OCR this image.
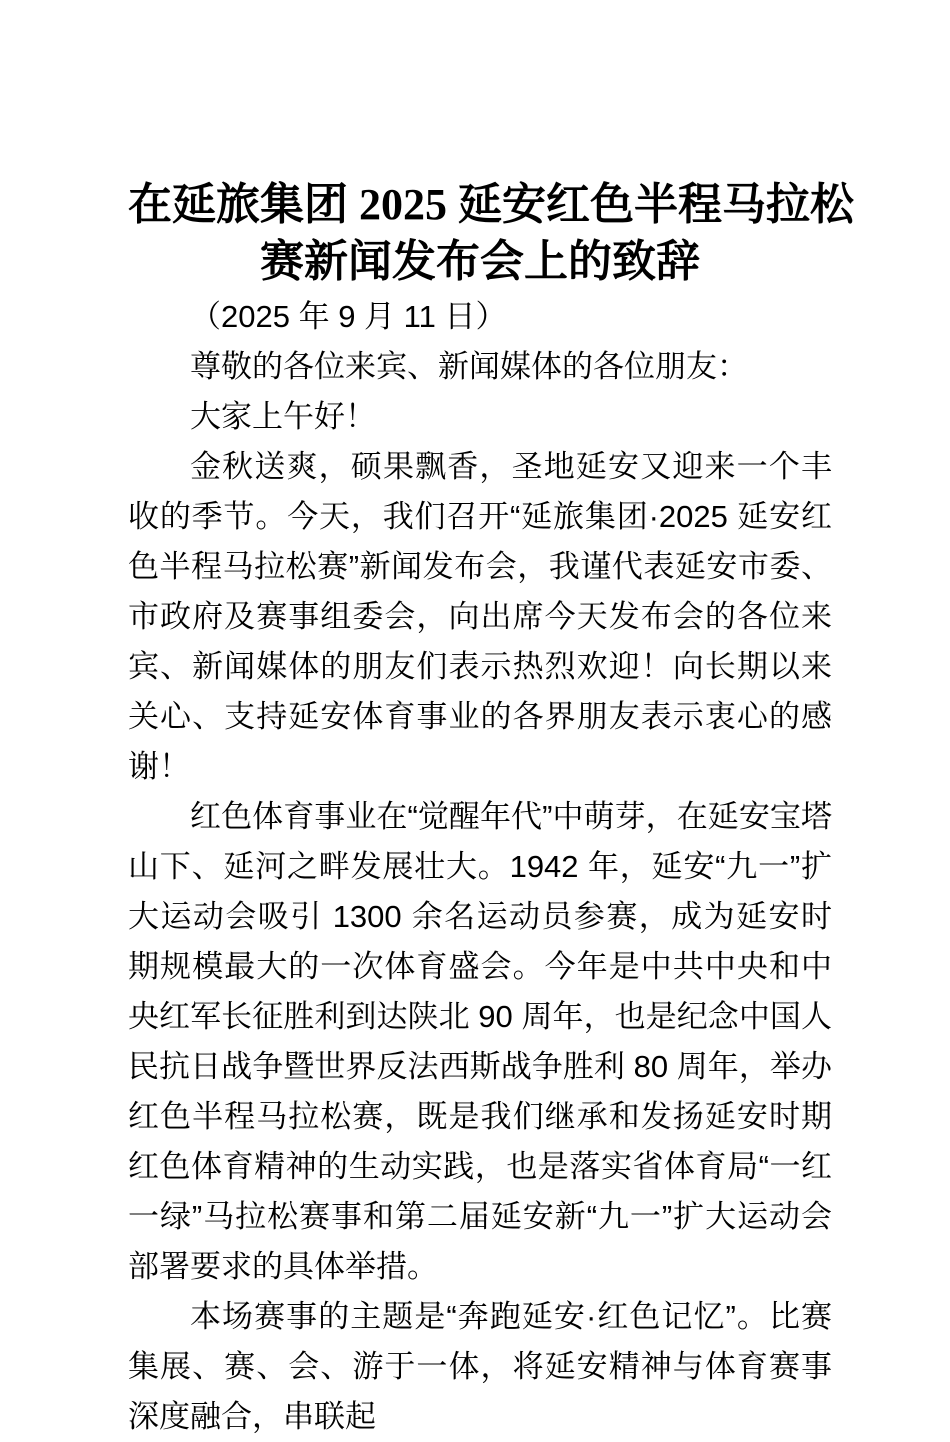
在延旅集团 2025 延安红色半程马拉松
赛新闻发布会上的致辞

（2025 年 9 月 11 日）

尊敬的各位来宾、新闻媒体的各位朋友：

大家上午好！

金秋送爽，硕果飘香，圣地延安又迎来一个丰收的季节。今天，我们召开“延旅集团·2025 延安红色半程马拉松赛”新闻发布会，我谨代表延安市委、市政府及赛事组委会，向出席今天发布会的各位来宾、新闻媒体的朋友们表示热烈欢迎！向长期以来关心、支持延安体育事业的各界朋友表示衷心的感谢！

红色体育事业在“觉醒年代”中萌芽，在延安宝塔山下、延河之畔发展壮大。1942 年，延安“九一”扩大运动会吸引 1300 余名运动员参赛，成为延安时期规模最大的一次体育盛会。今年是中共中央和中央红军长征胜利到达陕北 90 周年，也是纪念中国人民抗日战争暨世界反法西斯战争胜利 80 周年，举办红色半程马拉松赛，既是我们继承和发扬延安时期红色体育精神的生动实践，也是落实省体育局“一红一绿”马拉松赛事和第二届延安新“九一”扩大运动会部署要求的具体举措。

本场赛事的主题是“奔跑延安·红色记忆”。比赛集展、赛、会、游于一体，将延安精神与体育赛事深度融合，串联起
